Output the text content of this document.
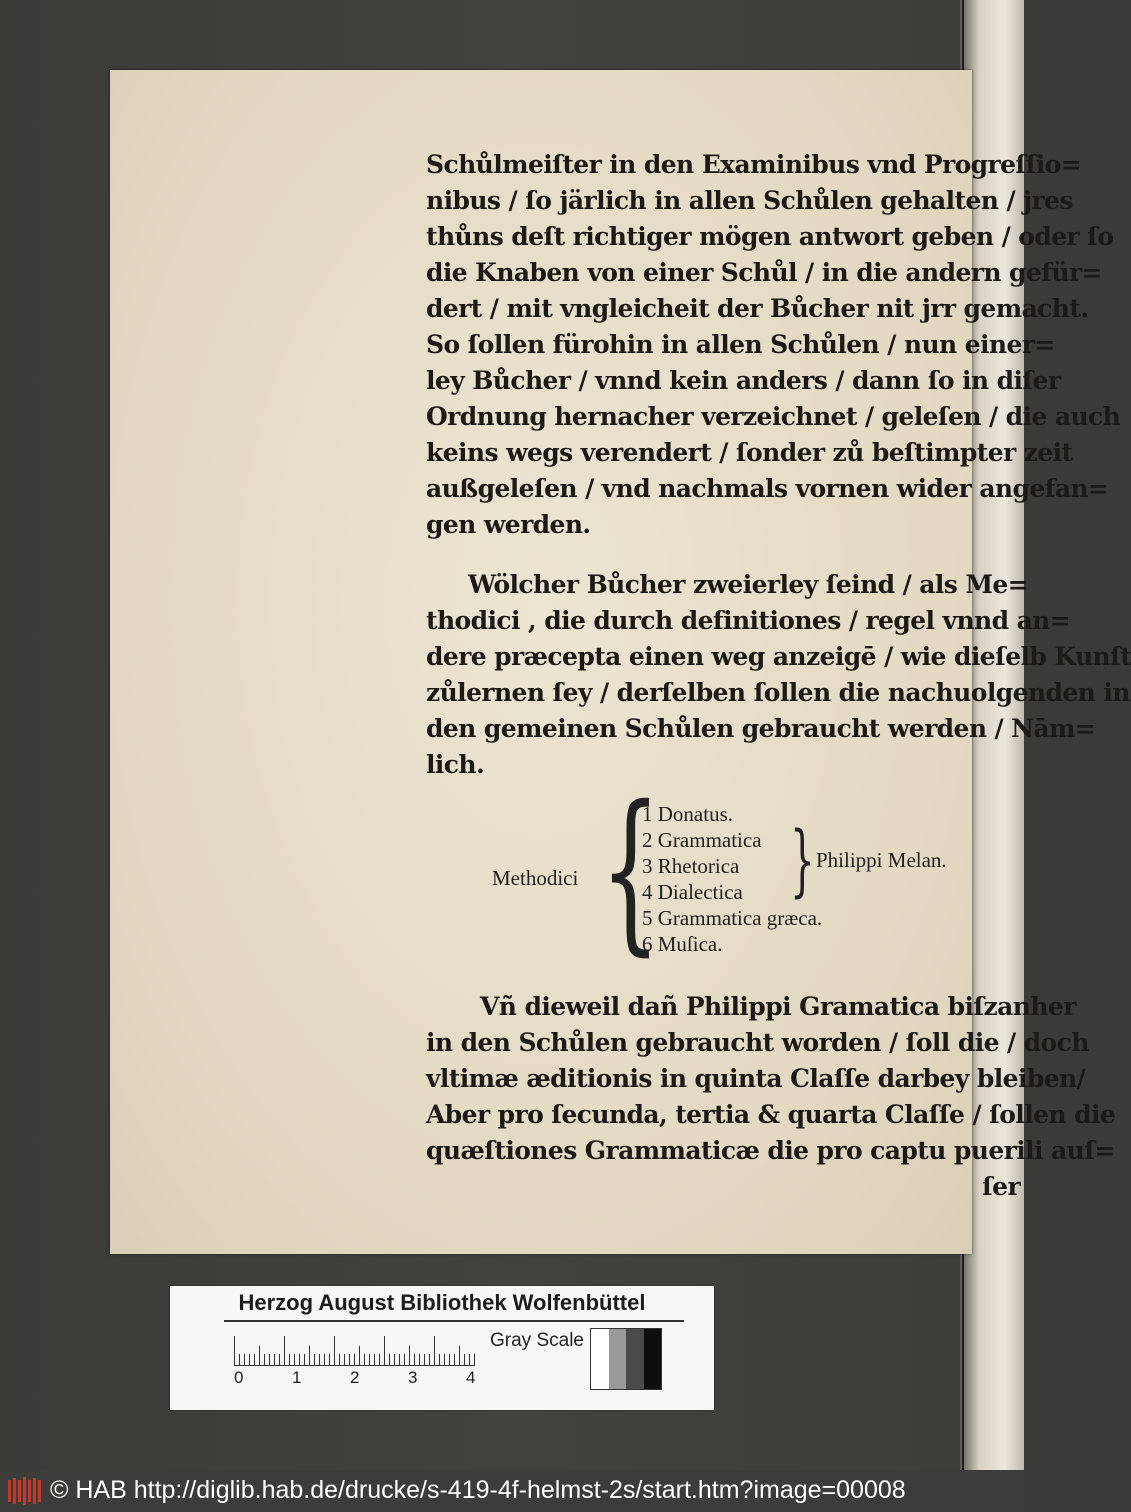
Schůlmeiſter in den Examinibus vnd Progreſſio=
nibus / ſo järlich in allen Schůlen gehalten / jres
thůns deſt richtiger mögen antwort geben / oder ſo
die Knaben von einer Schůl / in die andern gefür=
dert / mit vngleicheit der Bůcher nit jrr gemacht.
So ſollen fürohin in allen Schůlen / nun einer=
ley Bůcher / vnnd kein anders / dann ſo in diſer
Ordnung hernacher verzeichnet / geleſen / die auch
keins wegs verendert / ſonder zů beſtimpter zeit
außgeleſen / vnd nachmals vornen wider angefan=
gen werden.
Wölcher Bůcher zweierley ſeind / als Me=
thodici , die durch definitiones / regel vnnd an=
dere præcepta einen weg anzeigē / wie dieſelb Kunſt
zůlernen ſey / derſelben ſollen die nachuolgenden in
den gemeinen Schůlen gebraucht werden / Nām=
lich.
Methodici {
1 Donatus.
2 Grammatica
3 Rhetorica
4 Dialectica
5 Grammatica græca.
6 Muſica.
} Philippi Melan.
Vñ dieweil dañ Philippi Gramatica biſzanher
in den Schůlen gebraucht worden / ſoll die / doch
vltimæ æditionis in quinta Claſſe darbey bleiben/
Aber pro ſecunda, tertia & quarta Claſſe / ſollen die
quæſtiones Grammaticæ die pro captu puerili auſ=
ſer
Herzog August Bibliothek Wolfenbüttel
0	1	2	3	4
Gray Scale
© HAB http://diglib.hab.de/drucke/s-419-4f-helmst-2s/start.htm?image=00008
